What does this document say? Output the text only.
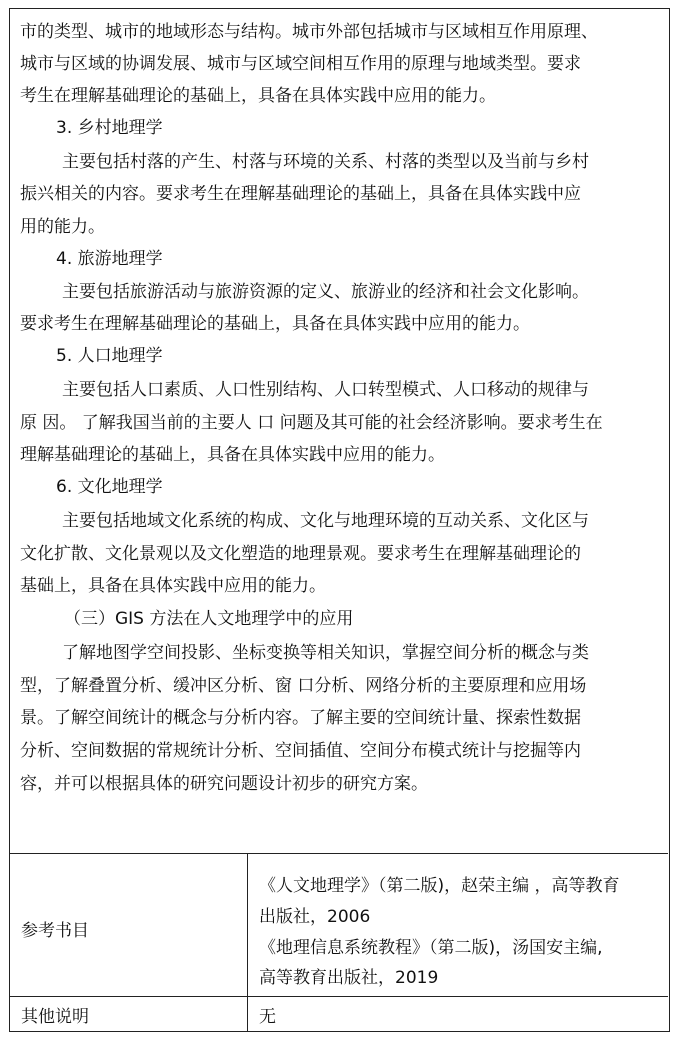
市的类型、城市的地域形态与结构。城市外部包括城市与区域相互作用原理、
城市与区域的协调发展、城市与区域空间相互作用的原理与地域类型。要求
考生在理解基础理论的基础上，具备在具体实践中应用的能力。
3. 乡村地理学
主要包括村落的产生、村落与环境的关系、村落的类型以及当前与乡村
振兴相关的内容。要求考生在理解基础理论的基础上，具备在具体实践中应
用的能力。
4. 旅游地理学
主要包括旅游活动与旅游资源的定义、旅游业的经济和社会文化影响。
要求考生在理解基础理论的基础上，具备在具体实践中应用的能力。
5. 人口地理学
主要包括人口素质、人口性别结构、人口转型模式、人口移动的规律与
原 因。 了解我国当前的主要人 口 问题及其可能的社会经济影响。要求考生在
理解基础理论的基础上，具备在具体实践中应用的能力。
6. 文化地理学
主要包括地域文化系统的构成、文化与地理环境的互动关系、文化区与
文化扩散、文化景观以及文化塑造的地理景观。要求考生在理解基础理论的
基础上，具备在具体实践中应用的能力。
（三）GIS 方法在人文地理学中的应用
了解地图学空间投影、坐标变换等相关知识，掌握空间分析的概念与类
型，了解叠置分析、缓冲区分析、窗 口分析、网络分析的主要原理和应用场
景。了解空间统计的概念与分析内容。了解主要的空间统计量、探索性数据
分析、空间数据的常规统计分析、空间插值、空间分布模式统计与挖掘等内
容，并可以根据具体的研究问题设计初步的研究方案。
参考书目
《人文地理学》（第二版)，赵荣主编 ，高等教育
出版社，2006
《地理信息系统教程》（第二版)，汤国安主编,
高等教育出版社，2019
其他说明	无
